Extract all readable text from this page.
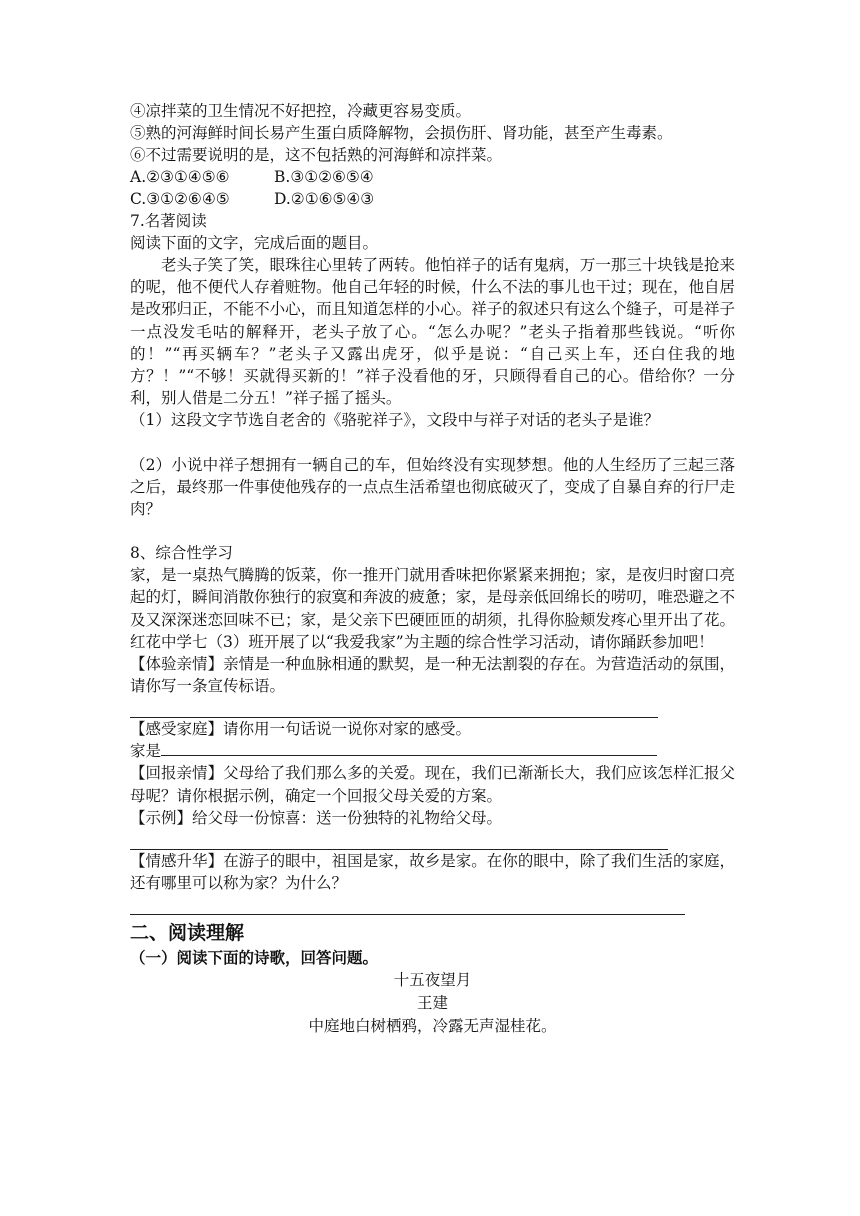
④凉拌菜的卫生情况不好把控，冷藏更容易变质。

⑤熟的河海鲜时间长易产生蛋白质降解物，会损伤肝、肾功能，甚至产生毒素。

⑥不过需要说明的是，这不包括熟的河海鲜和凉拌菜。

A.②③①④⑤⑥	B.③①②⑥⑤④
C.③①②⑥④⑤	D.②①⑥⑤④③

7.名著阅读

阅读下面的文字，完成后面的题目。

老头子笑了笑，眼珠往心里转了两转。他怕祥子的话有鬼病，万一那三十块钱是抢来的呢，他不便代人存着赃物。他自己年轻的时候，什么不法的事儿也干过；现在，他自居是改邪归正，不能不小心，而且知道怎样的小心。祥子的叙述只有这么个缝子，可是祥子一点没发毛咕的解释开，老头子放了心。“怎么办呢？”老头子指着那些钱说。“听你的！”“再买辆车？”老头子又露出虎牙，似乎是说：“自己买上车，还白住我的地方？！”“不够！买就得买新的！”祥子没看他的牙，只顾得看自己的心。借给你？一分利，别人借是二分五！”祥子摇了摇头。

（1）这段文字节选自老舍的《骆驼祥子》，文段中与祥子对话的老头子是谁？

（2）小说中祥子想拥有一辆自己的车，但始终没有实现梦想。他的人生经历了三起三落之后，最终那一件事使他残存的一点点生活希望也彻底破灭了，变成了自暴自弃的行尸走肉？

8、综合性学习

家，是一桌热气腾腾的饭菜，你一推开门就用香味把你紧紧来拥抱；家，是夜归时窗口亮起的灯，瞬间消散你独行的寂寞和奔波的疲惫；家，是母亲低回绵长的唠叨，唯恐避之不及又深深迷恋回味不已；家，是父亲下巴硬匝匝的胡须，扎得你脸颊发疼心里开出了花。红花中学七（3）班开展了以“我爱我家”为主题的综合性学习活动，请你踊跃参加吧！

【体验亲情】亲情是一种血脉相通的默契，是一种无法割裂的存在。为营造活动的氛围，请你写一条宣传标语。

【感受家庭】请你用一句话说一说你对家的感受。

家是

【回报亲情】父母给了我们那么多的关爱。现在，我们已渐渐长大，我们应该怎样汇报父母呢？请你根据示例，确定一个回报父母关爱的方案。

【示例】给父母一份惊喜：送一份独特的礼物给父母。

【情感升华】在游子的眼中，祖国是家，故乡是家。在你的眼中，除了我们生活的家庭，还有哪里可以称为家？为什么？

二、阅读理解
（一）阅读下面的诗歌，回答问题。

十五夜望月

王建

中庭地白树栖鸦，冷露无声湿桂花。
